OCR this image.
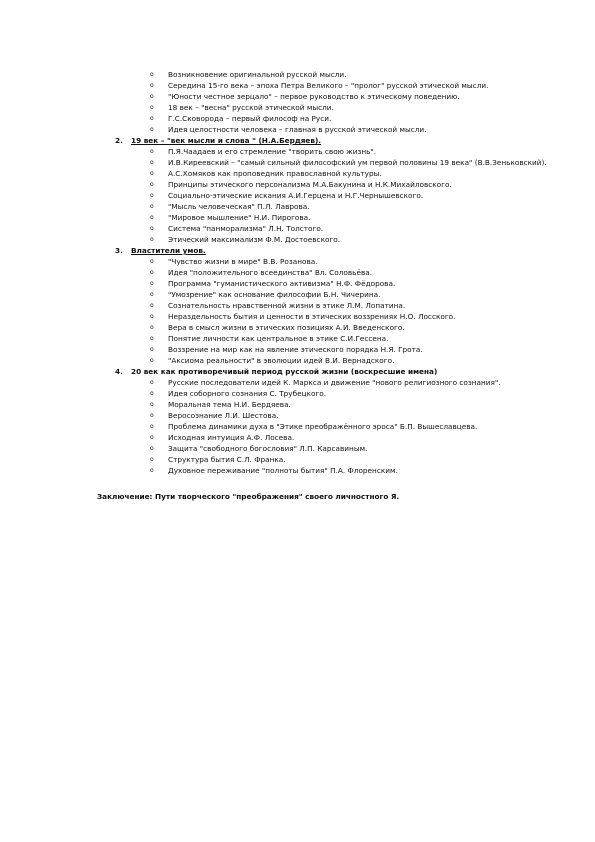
o Возникновение оригинальной русской мысли.
o Середина 15-го века – эпоха Петра Великого – "пролог" русской этической мысли.
o "Юности честное зерцало" – первое руководство к этическому поведению.
o 18 век – "весна" русской этической мысли.
o Г.С.Сковорода – первый философ на Руси.
o Идея целостности человека – главная в русской этической мысли.
2. 19 век – "век мысли и слова " (Н.А.Бердяев).
o П.Я.Чаадаев и его стремление "творить свою жизнь".
o И.В.Киреевский – "самый сильный философский ум первой половины 19 века" (В.В.Зеньковский).
o А.С.Хомяков как проповедник православной культуры.
o Принципы этического персонализма М.А.Бакунина и Н.К.Михайловского.
o Социально-этические искания А.И.Герцена и Н.Г.Чернышевского.
o "Мысль человеческая" П.Л. Лаврова.
o "Мировое мышление" Н.И. Пирогова.
o Система "панморализма" Л.Н. Толстого.
o Этический максимализм Ф.М. Достоевского.
3. Властители умов.
o "Чувство жизни в мире" В.В. Розанова.
o Идея "положительного всеединства" Вл. Соловьёва.
o Программа "гуманистического активизма" Н.Ф. Фёдорова.
o "Умозрение" как основание философии Б.Н. Чичерина.
o Сознательность нравственной жизни в этике Л.М. Лопатина.
o Нераздельность бытия и ценности в этических воззрениях Н.О. Лосского.
o Вера в смысл жизни в этических позициях А.И. Введенского.
o Понятие личности как центральное в этике С.И.Гессена.
o Воззрение на мир как на явление этического порядка Н.Я. Грота.
o "Аксиома реальности" в эволюции идей В.И. Вернадского.
4. 20 век как противоречивый период русской жизни (воскресшие имена)
o Русские последователи идей К. Маркса и движение "нового религиозного сознания".
o Идея соборного сознания С. Трубецкого.
o Моральная тема Н.И. Бердяева.
o Веросознание Л.И. Шестова.
o Проблема динамики духа в "Этике преображённого эроса" Б.П. Вышеславцева.
o Исходная интуиция А.Ф. Лосева.
o Защита "свободного богословия" Л.П. Карсавиным.
o Структура бытия С.Л. Франка.
o Духовное переживание "полноты бытия" П.А. Флоренским.
Заключение: Пути творческого "преображения" своего личностного Я.
